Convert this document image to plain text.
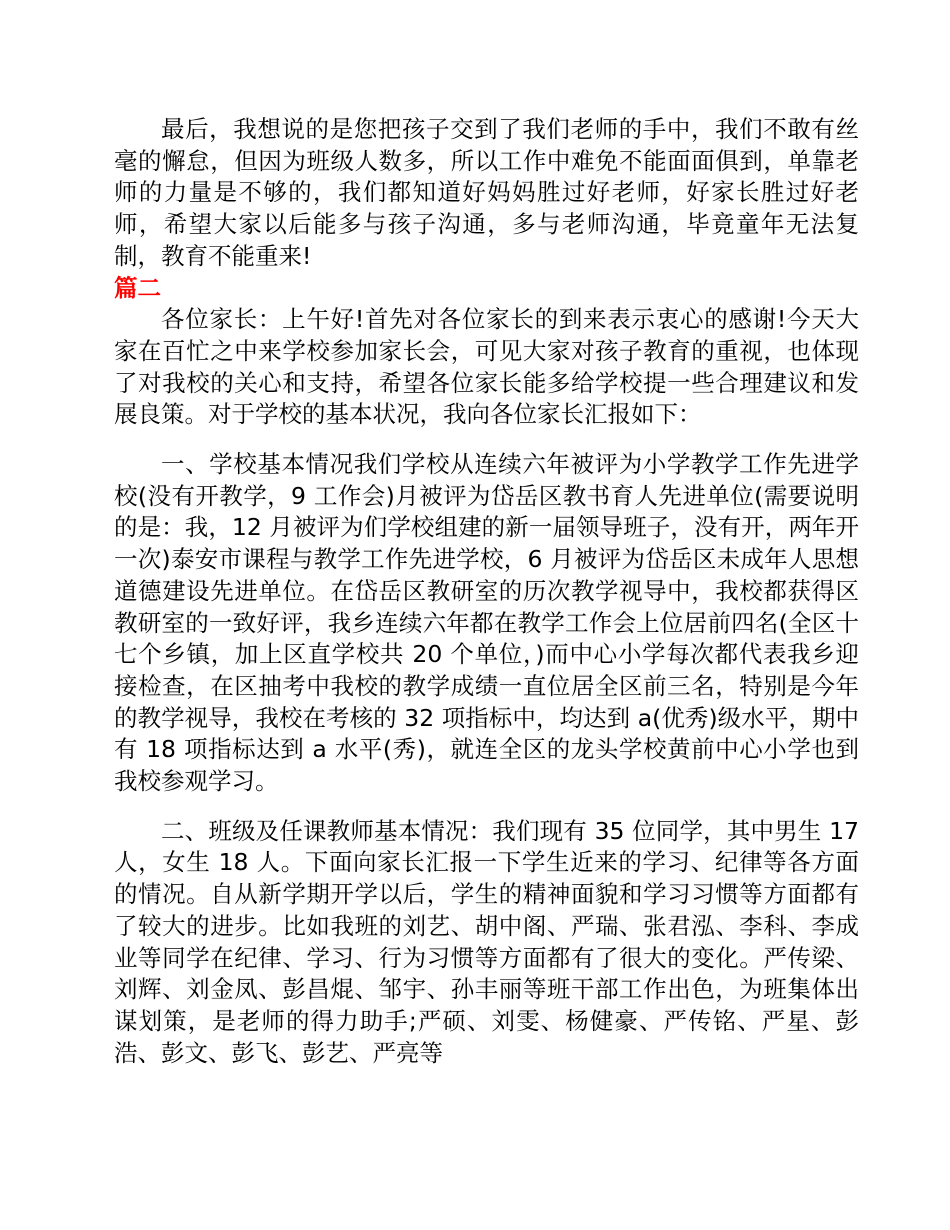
最后，我想说的是您把孩子交到了我们老师的手中，我们不敢有丝毫的懈怠，但因为班级人数多，所以工作中难免不能面面俱到，单靠老师的力量是不够的，我们都知道好妈妈胜过好老师，好家长胜过好老师，希望大家以后能多与孩子沟通，多与老师沟通，毕竟童年无法复制，教育不能重来!

篇二

各位家长：上午好!首先对各位家长的到来表示衷心的感谢!今天大家在百忙之中来学校参加家长会，可见大家对孩子教育的重视，也体现了对我校的关心和支持，希望各位家长能多给学校提一些合理建议和发展良策。对于学校的基本状况，我向各位家长汇报如下：

一、学校基本情况我们学校从连续六年被评为小学教学工作先进学校(没有开教学，9 工作会)月被评为岱岳区教书育人先进单位(需要说明的是：我，12 月被评为们学校组建的新一届领导班子，没有开，两年开一次)泰安市课程与教学工作先进学校，6 月被评为岱岳区未成年人思想道德建设先进单位。在岱岳区教研室的历次教学视导中，我校都获得区教研室的一致好评，我乡连续六年都在教学工作会上位居前四名(全区十七个乡镇，加上区直学校共 20 个单位，)而中心小学每次都代表我乡迎接检查，在区抽考中我校的教学成绩一直位居全区前三名，特别是今年的教学视导，我校在考核的 32 项指标中，均达到 a(优秀)级水平，期中有 18 项指标达到 a 水平(秀)，就连全区的龙头学校黄前中心小学也到我校参观学习。

二、班级及任课教师基本情况：我们现有 35 位同学，其中男生 17 人，女生 18 人。下面向家长汇报一下学生近来的学习、纪律等各方面的情况。自从新学期开学以后，学生的精神面貌和学习习惯等方面都有了较大的进步。比如我班的刘艺、胡中阁、严瑞、张君泓、李科、李成业等同学在纪律、学习、行为习惯等方面都有了很大的变化。严传梁、刘辉、刘金凤、彭昌焜、邹宇、孙丰丽等班干部工作出色，为班集体出谋划策，是老师的得力助手;严硕、刘雯、杨健豪、严传铭、严星、彭浩、彭文、彭飞、彭艺、严亮等
